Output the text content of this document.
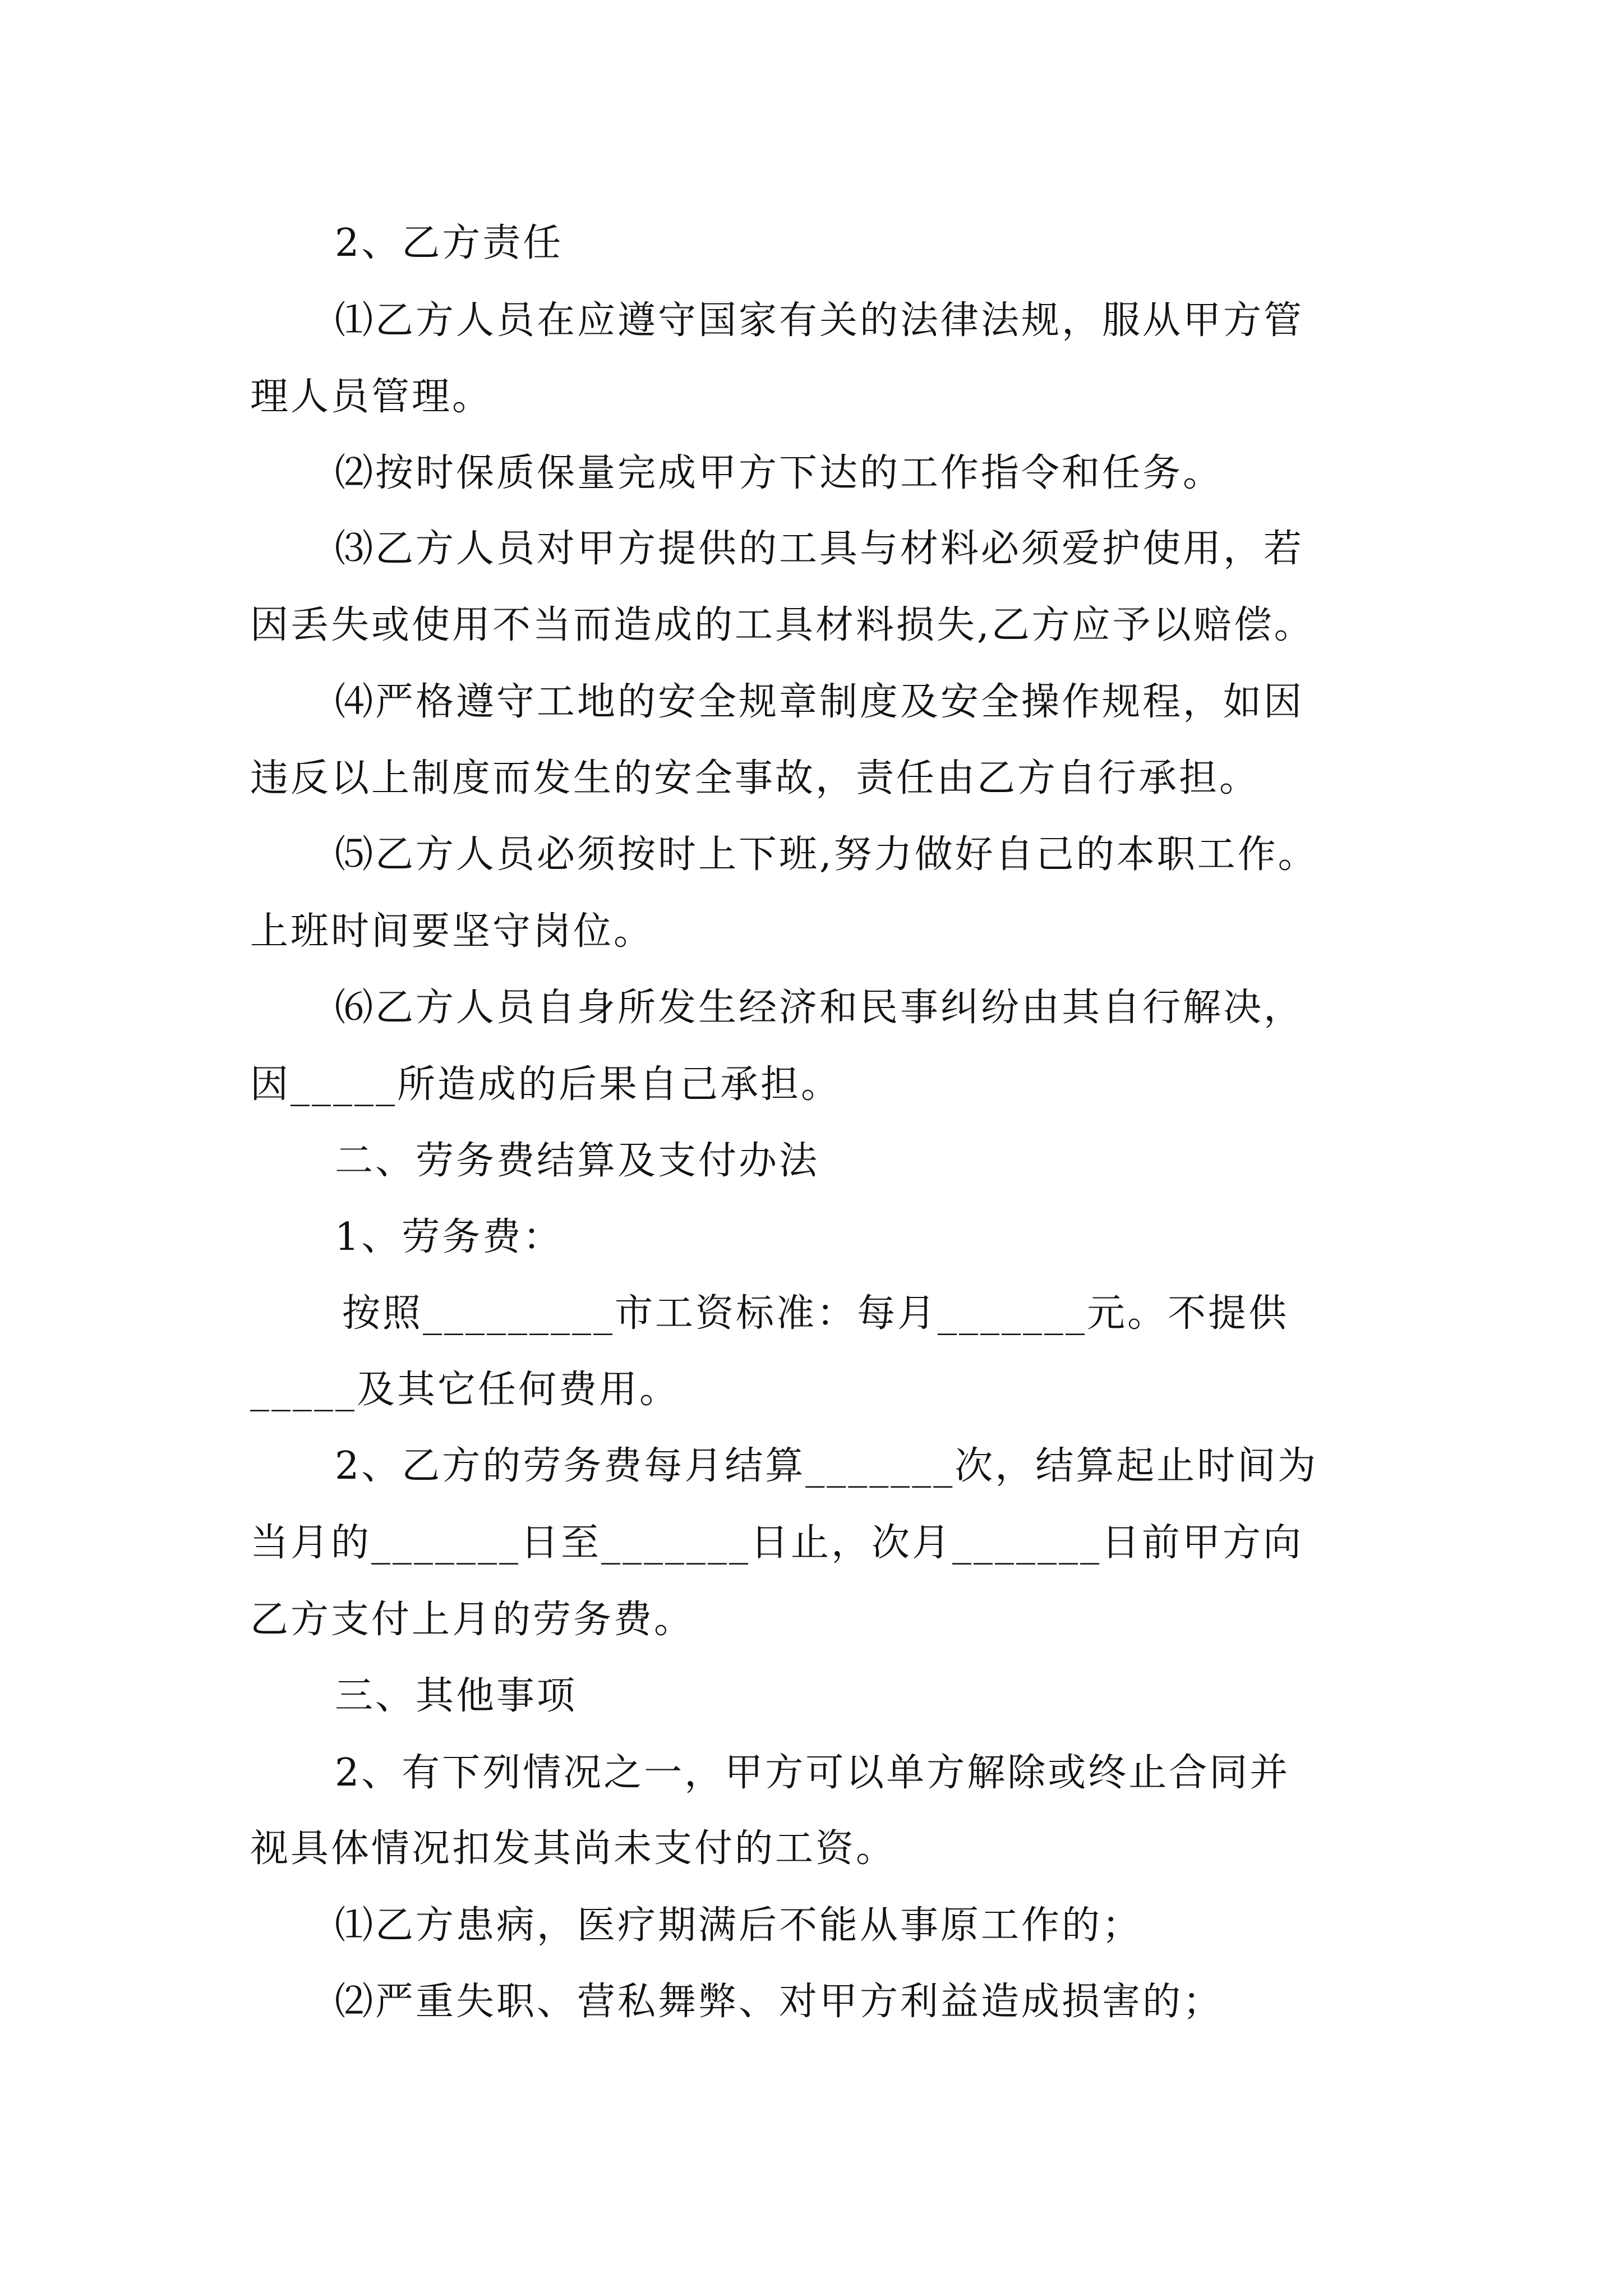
2、乙方责任

⑴乙方人员在应遵守国家有关的法律法规，服从甲方管

理人员管理。

⑵按时保质保量完成甲方下达的工作指令和任务。

⑶乙方人员对甲方提供的工具与材料必须爱护使用，若

因丢失或使用不当而造成的工具材料损失,乙方应予以赔偿。

⑷严格遵守工地的安全规章制度及安全操作规程，如因

违反以上制度而发生的安全事故，责任由乙方自行承担。

⑸乙方人员必须按时上下班,努力做好自己的本职工作。

上班时间要坚守岗位。

⑹乙方人员自身所发生经济和民事纠纷由其自行解决，

因_____所造成的后果自己承担。

二、劳务费结算及支付办法

1、劳务费：

按照_________市工资标准：每月_______元。不提供

_____及其它任何费用。

2、乙方的劳务费每月结算_______次，结算起止时间为

当月的_______日至_______日止，次月_______日前甲方向

乙方支付上月的劳务费。

三、其他事项

2、有下列情况之一，甲方可以单方解除或终止合同并

视具体情况扣发其尚未支付的工资。

⑴乙方患病，医疗期满后不能从事原工作的；

⑵严重失职、营私舞弊、对甲方利益造成损害的；
